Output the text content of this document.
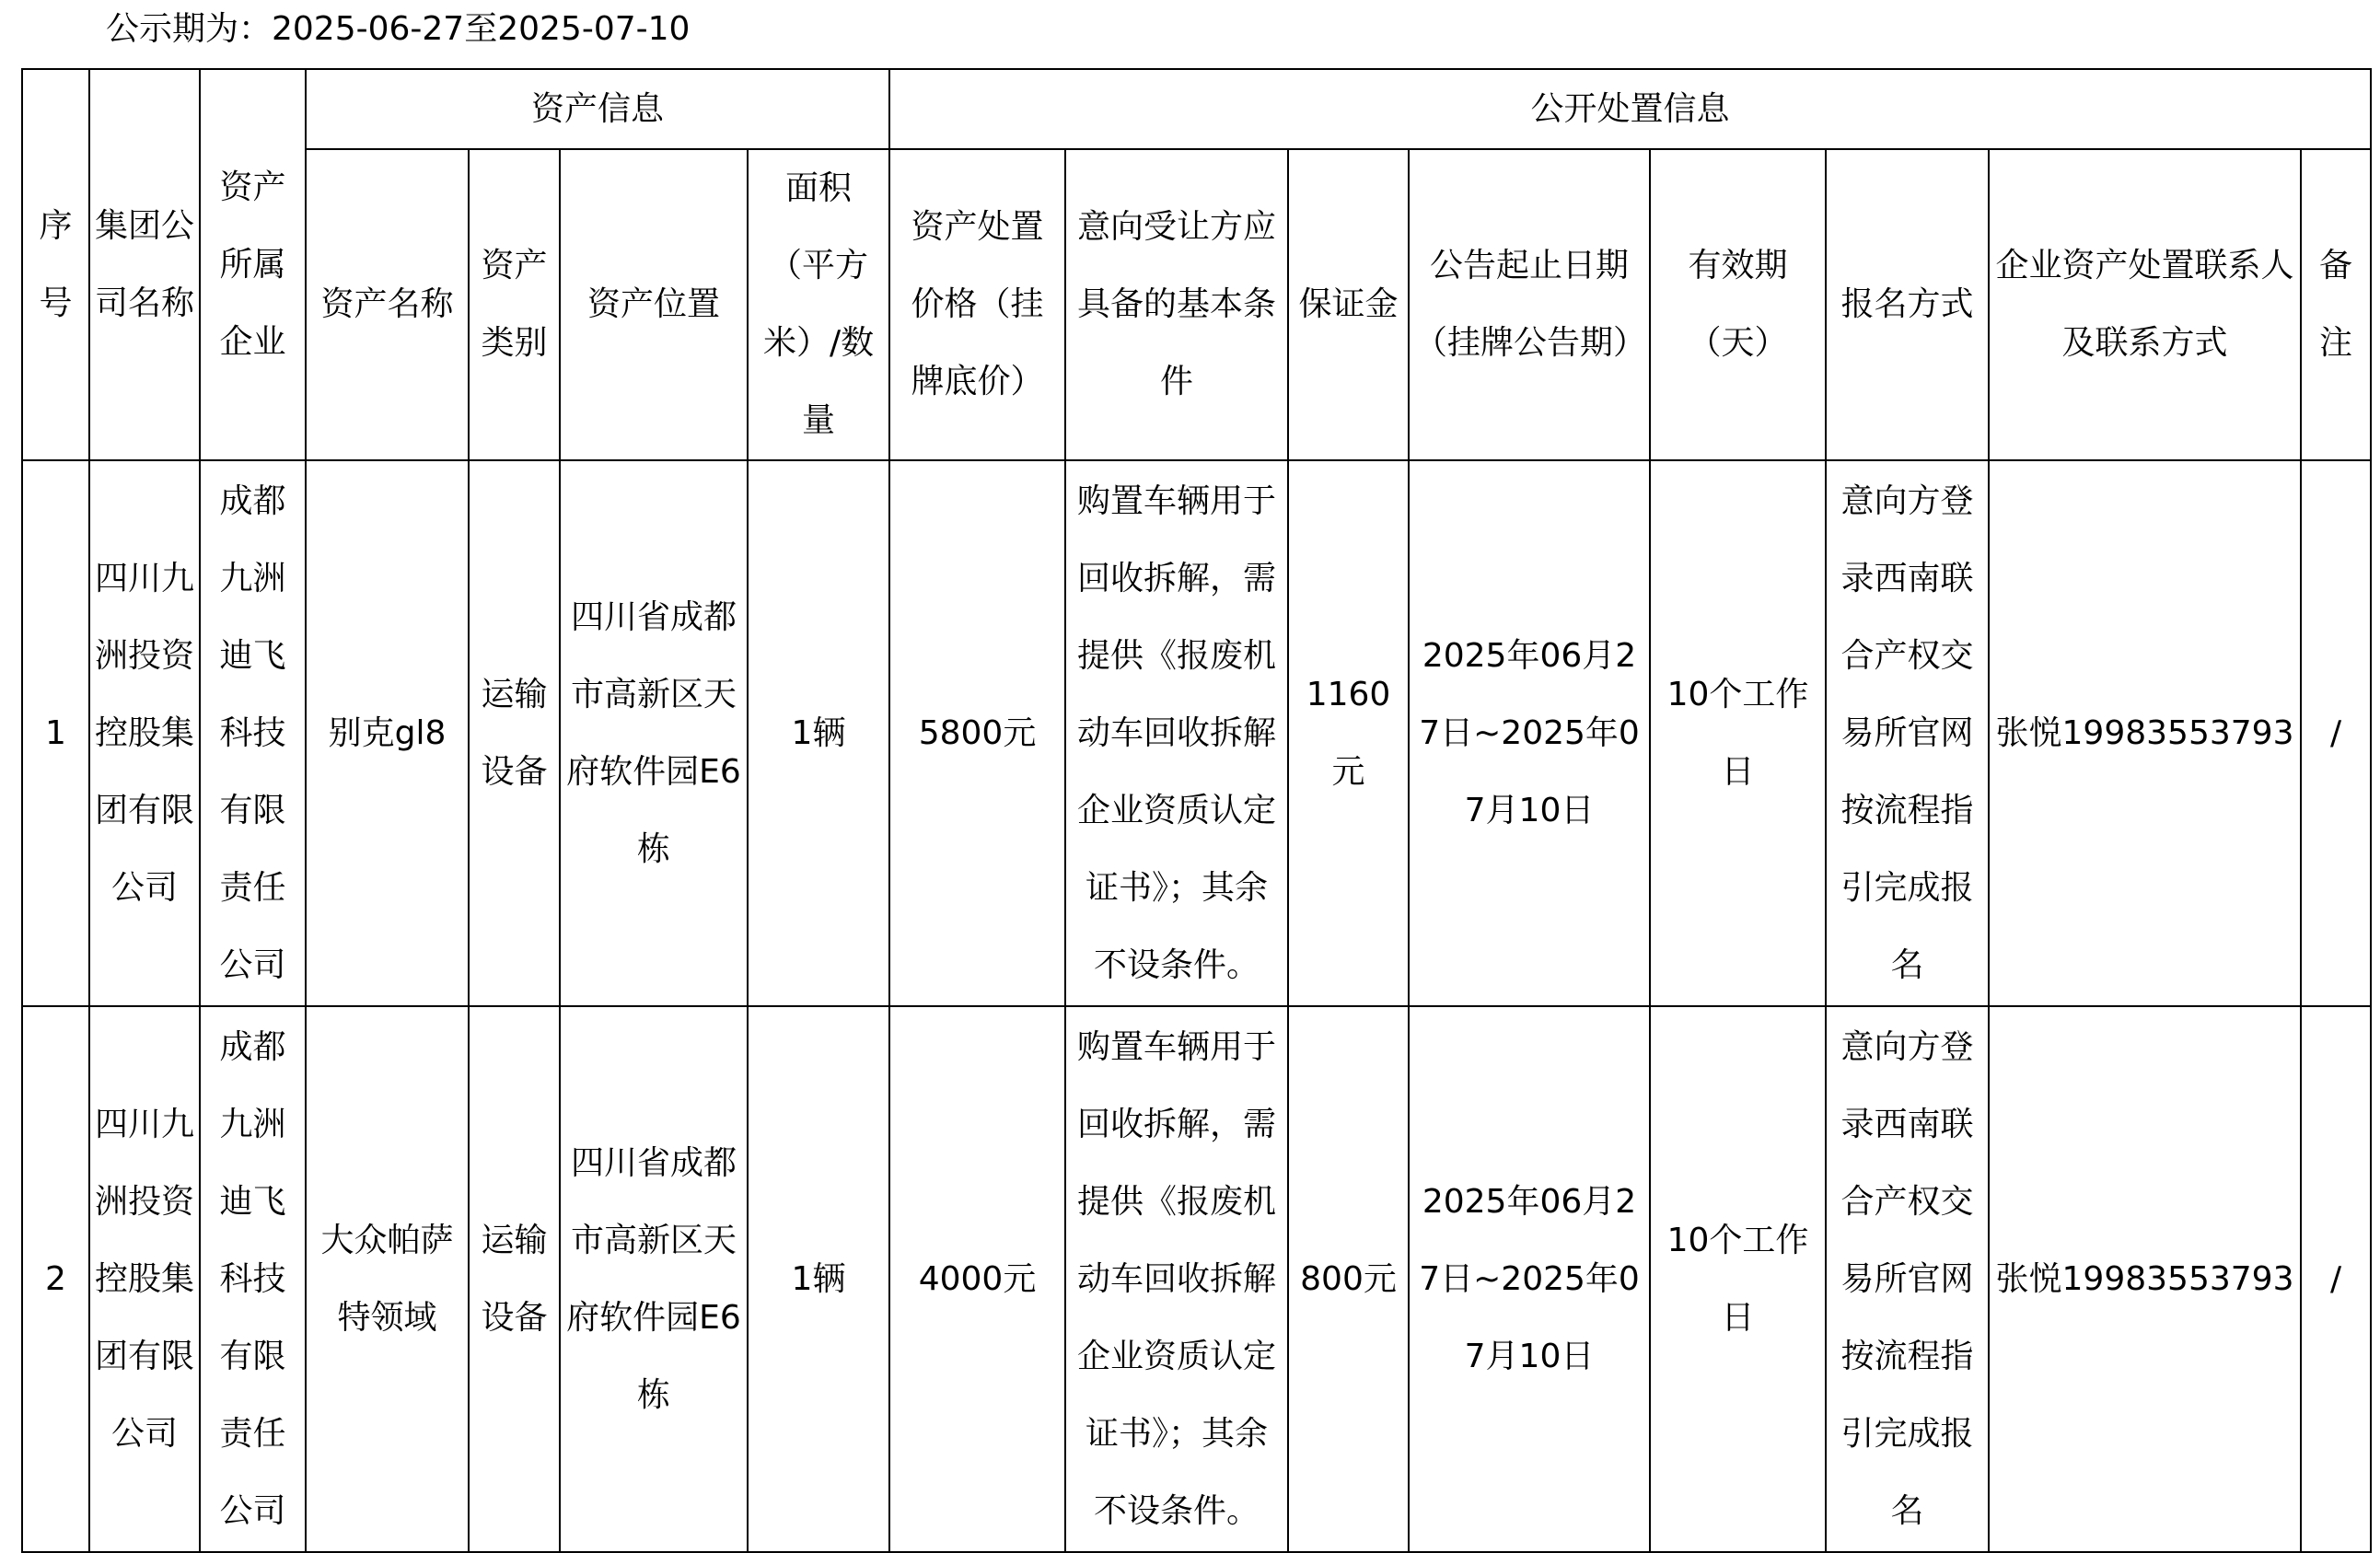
公示期为：2025-06-27至2025-07-10
序号	集团公司名称	资产所属企业	资产信息				公开处置信息							
			资产名称	资产类别	资产位置	面积（平方米）/数量	资产处置价格（挂牌底价）	意向受让方应具备的基本条件	保证金	公告起止日期（挂牌公告期）	有效期（天）	报名方式	企业资产处置联系人及联系方式	备注
1	四川九洲投资控股集团有限公司	成都九洲迪飞科技有限责任公司	别克gl8	运输设备	四川省成都市高新区天府软件园E6栋	1辆	5800元	购置车辆用于回收拆解，需提供《报废机动车回收拆解企业资质认定证书》；其余不设条件。	1160元	2025年06月27日~2025年07月10日	10个工作日	意向方登录西南联合产权交易所官网按流程指引完成报名	张悦19983553793	/
2	四川九洲投资控股集团有限公司	成都九洲迪飞科技有限责任公司	大众帕萨特领域	运输设备	四川省成都市高新区天府软件园E6栋	1辆	4000元	购置车辆用于回收拆解，需提供《报废机动车回收拆解企业资质认定证书》；其余不设条件。	800元	2025年06月27日~2025年07月10日	10个工作日	意向方登录西南联合产权交易所官网按流程指引完成报名	张悦19983553793	/
